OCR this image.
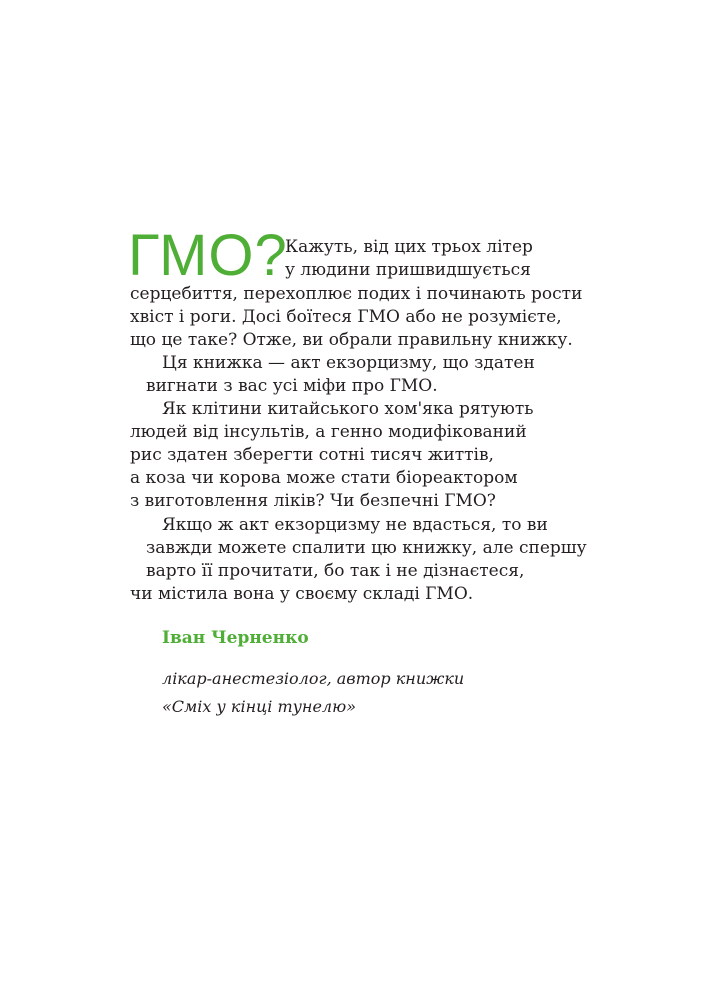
ГМО?
Кажуть, від цих трьох літер
у людини пришвидшується
серцебиття, перехоплює подих і починають рости
хвіст і роги. Досі боїтеся ГМО або не розумієте,
що це таке? Отже, ви обрали правильну книжку.
Ця книжка — акт екзорцизму, що здатен
вигнати з вас усі міфи про ГМО.
Як клітини китайського хом'яка рятують
людей від інсультів, а генно модифікований
рис здатен зберегти сотні тисяч життів,
а коза чи корова може стати біореактором
з виготовлення ліків? Чи безпечні ГМО?
Якщо ж акт екзорцизму не вдасться, то ви
завжди можете спалити цю книжку, але спершу
варто її прочитати, бо так і не дізнаєтеся,
чи містила вона у своєму складі ГМО.
Іван Черненко
лікар-анестезіолог, автор книжки
«Сміх у кінці тунелю»
